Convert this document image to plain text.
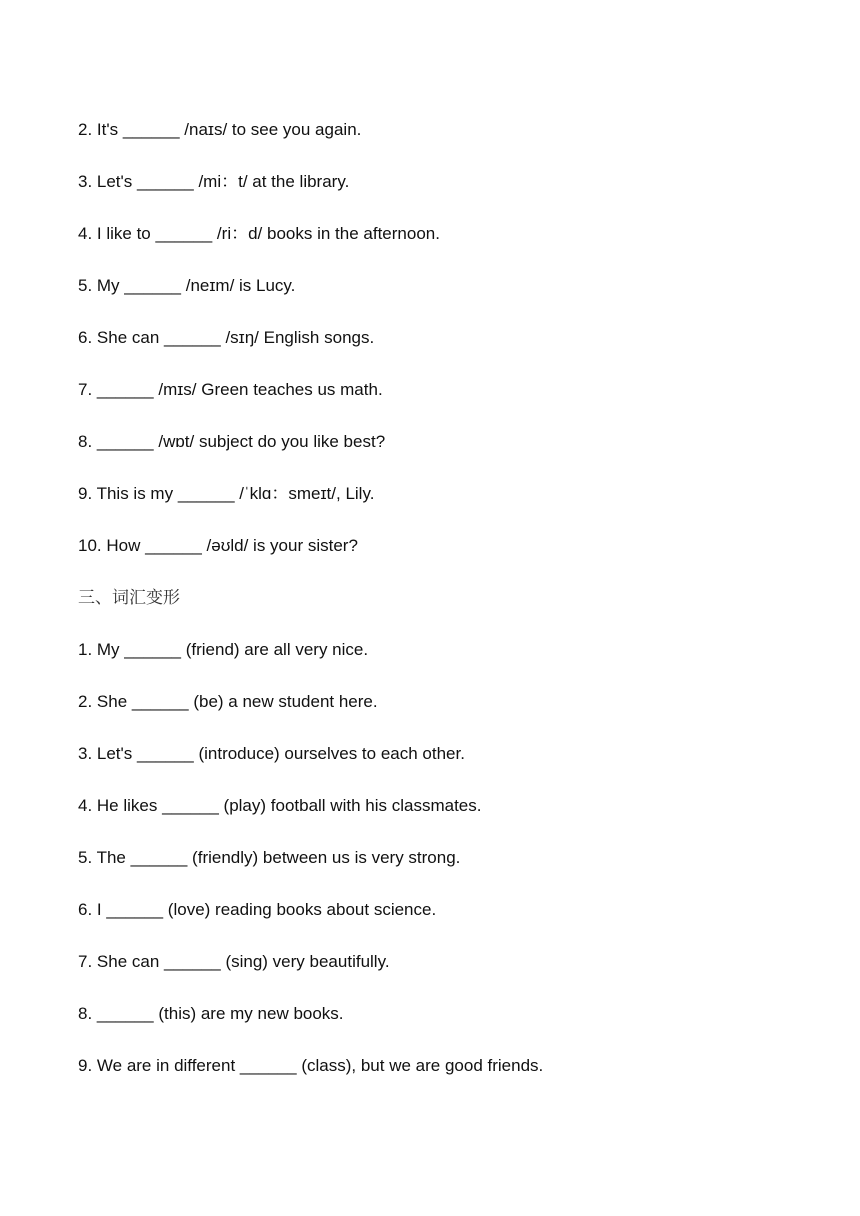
2. It's ______ /naɪs/ to see you again.
3. Let's ______ /mi：t/ at the library.
4. I like to ______ /ri：d/ books in the afternoon.
5. My ______ /neɪm/ is Lucy.
6. She can ______ /sɪŋ/ English songs.
7. ______ /mɪs/ Green teaches us math.
8. ______ /wɒt/ subject do you like best?
9. This is my ______ /ˈklɑ：smeɪt/, Lily.
10. How ______ /əʊld/ is your sister?
三、词汇变形
1. My ______ (friend) are all very nice.
2. She ______ (be) a new student here.
3. Let's ______ (introduce) ourselves to each other.
4. He likes ______ (play) football with his classmates.
5. The ______ (friendly) between us is very strong.
6. I ______ (love) reading books about science.
7. She can ______ (sing) very beautifully.
8. ______ (this) are my new books.
9. We are in different ______ (class), but we are good friends.
